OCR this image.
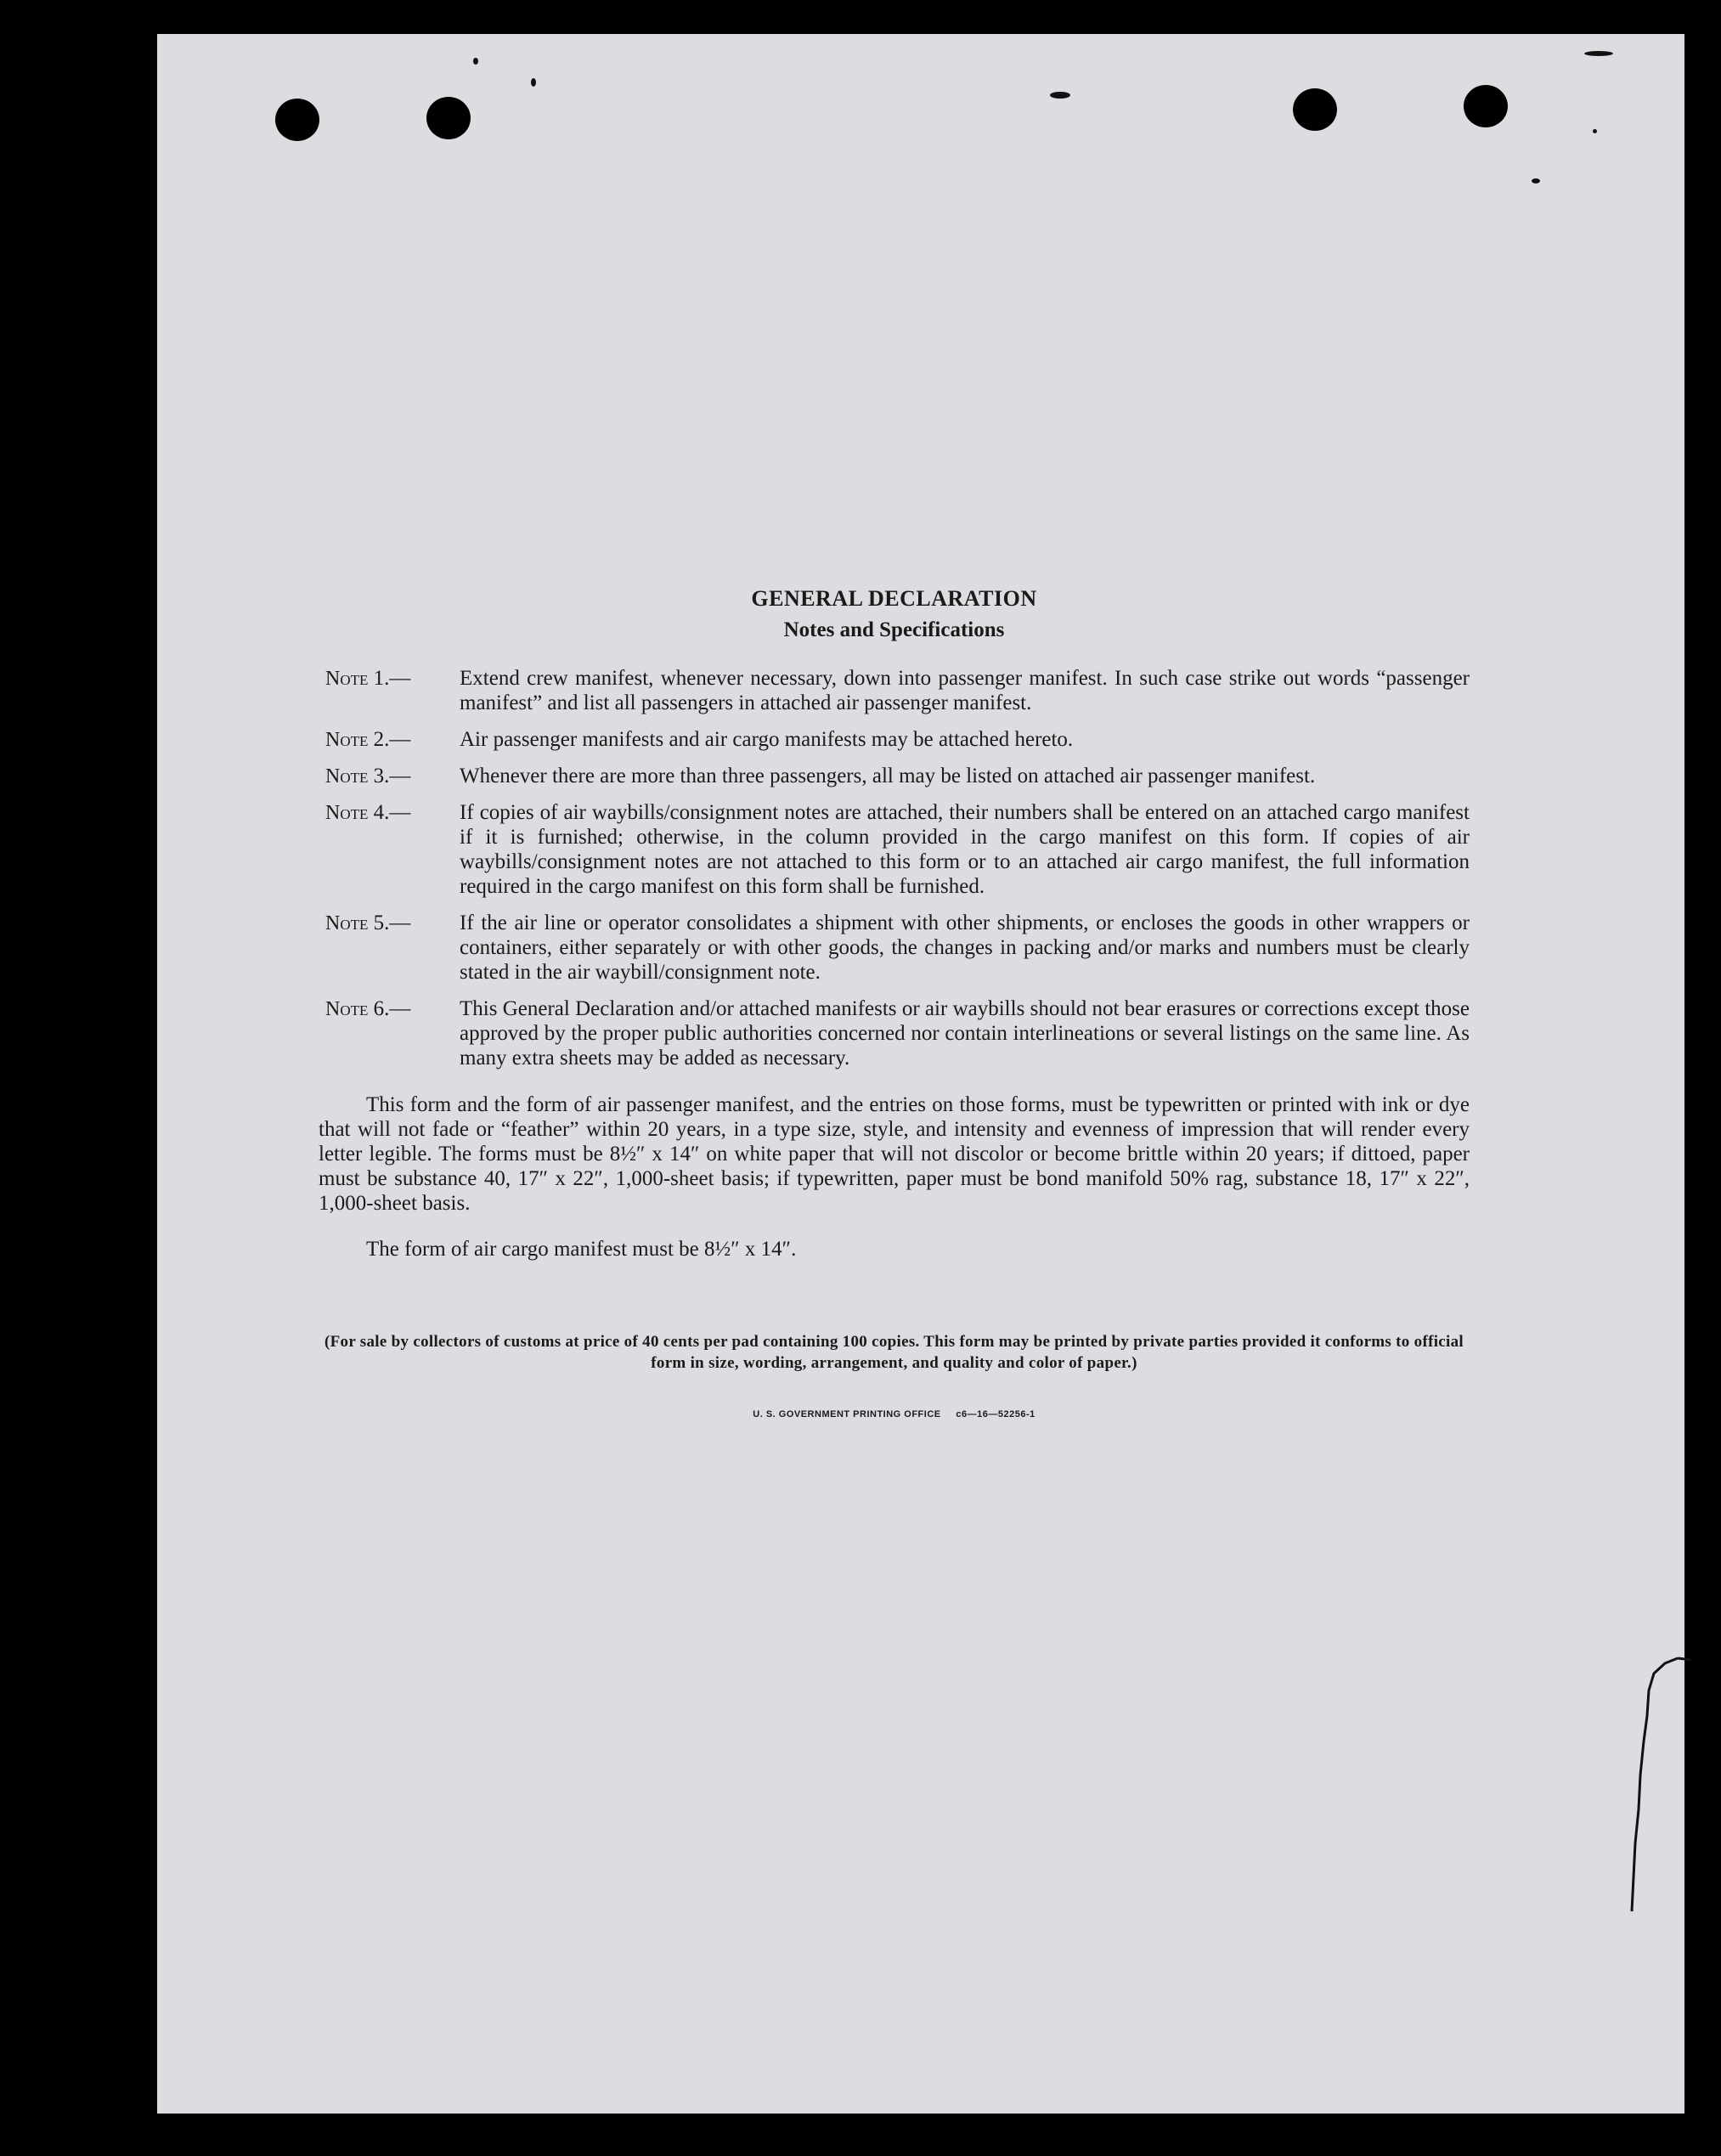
GENERAL DECLARATION
Notes and Specifications
Note 1.— Extend crew manifest, whenever necessary, down into passenger manifest. In such case strike out words “passenger manifest” and list all passengers in attached air passenger manifest.
Note 2.— Air passenger manifests and air cargo manifests may be attached hereto.
Note 3.— Whenever there are more than three passengers, all may be listed on attached air passenger manifest.
Note 4.— If copies of air waybills/consignment notes are attached, their numbers shall be entered on an attached cargo manifest if it is furnished; otherwise, in the column provided in the cargo manifest on this form. If copies of air waybills/consignment notes are not attached to this form or to an attached air cargo manifest, the full information required in the cargo manifest on this form shall be furnished.
Note 5.— If the air line or operator consolidates a shipment with other shipments, or encloses the goods in other wrappers or containers, either separately or with other goods, the changes in packing and/or marks and numbers must be clearly stated in the air waybill/consignment note.
Note 6.— This General Declaration and/or attached manifests or air waybills should not bear erasures or corrections except those approved by the proper public authorities concerned nor contain interlineations or several listings on the same line. As many extra sheets may be added as necessary.

This form and the form of air passenger manifest, and the entries on those forms, must be typewritten or printed with ink or dye that will not fade or “feather” within 20 years, in a type size, style, and intensity and evenness of impression that will render every letter legible. The forms must be 8½″ x 14″ on white paper that will not discolor or become brittle within 20 years; if dittoed, paper must be substance 40, 17″ x 22″, 1,000-sheet basis; if typewritten, paper must be bond manifold 50% rag, substance 18, 17″ x 22″, 1,000-sheet basis.

The form of air cargo manifest must be 8½″ x 14″.

(For sale by collectors of customs at price of 40 cents per pad containing 100 copies. This form may be printed by private parties provided it conforms to official form in size, wording, arrangement, and quality and color of paper.)
U. S. GOVERNMENT PRINTING OFFICE     c6—16—52256-1
